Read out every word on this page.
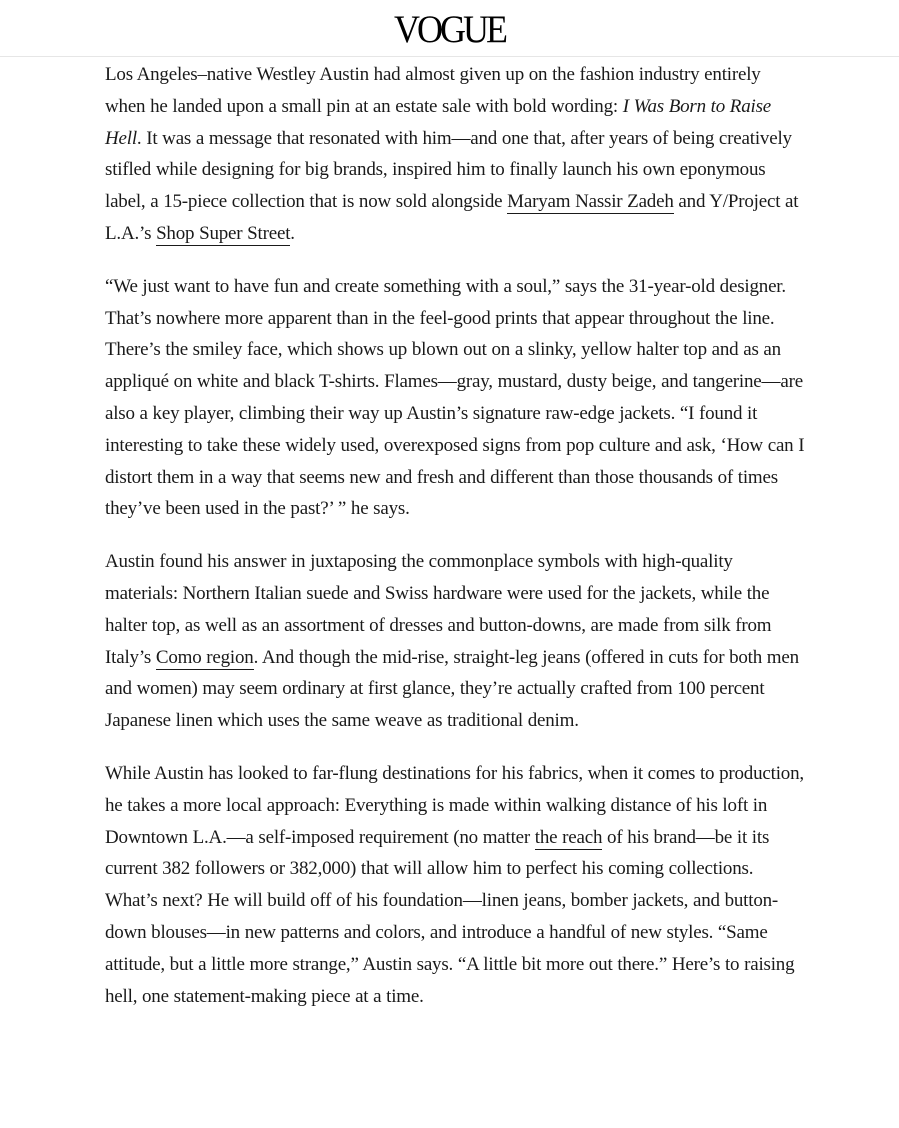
VOGUE

Los Angeles–native Westley Austin had almost given up on the fashion industry entirely when he landed upon a small pin at an estate sale with bold wording: I Was Born to Raise Hell. It was a message that resonated with him—and one that, after years of being creatively stifled while designing for big brands, inspired him to finally launch his own eponymous label, a 15-piece collection that is now sold alongside Maryam Nassir Zadeh and Y/Project at L.A.’s Shop Super Street.

“We just want to have fun and create something with a soul,” says the 31-year-old designer. That’s nowhere more apparent than in the feel-good prints that appear throughout the line. There’s the smiley face, which shows up blown out on a slinky, yellow halter top and as an appliqué on white and black T-shirts. Flames—gray, mustard, dusty beige, and tangerine—are also a key player, climbing their way up Austin’s signature raw-edge jackets. “I found it interesting to take these widely used, overexposed signs from pop culture and ask, ‘How can I distort them in a way that seems new and fresh and different than those thousands of times they’ve been used in the past?’ ” he says.

Austin found his answer in juxtaposing the commonplace symbols with high-quality materials: Northern Italian suede and Swiss hardware were used for the jackets, while the halter top, as well as an assortment of dresses and button-downs, are made from silk from Italy’s Como region. And though the mid-rise, straight-leg jeans (offered in cuts for both men and women) may seem ordinary at first glance, they’re actually crafted from 100 percent Japanese linen which uses the same weave as traditional denim.

While Austin has looked to far-flung destinations for his fabrics, when it comes to production, he takes a more local approach: Everything is made within walking distance of his loft in Downtown L.A.—a self-imposed requirement (no matter the reach of his brand—be it its current 382 followers or 382,000) that will allow him to perfect his coming collections. What’s next? He will build off of his foundation—linen jeans, bomber jackets, and button-down blouses—in new patterns and colors, and introduce a handful of new styles. “Same attitude, but a little more strange,” Austin says. “A little bit more out there.” Here’s to raising hell, one statement-making piece at a time.
